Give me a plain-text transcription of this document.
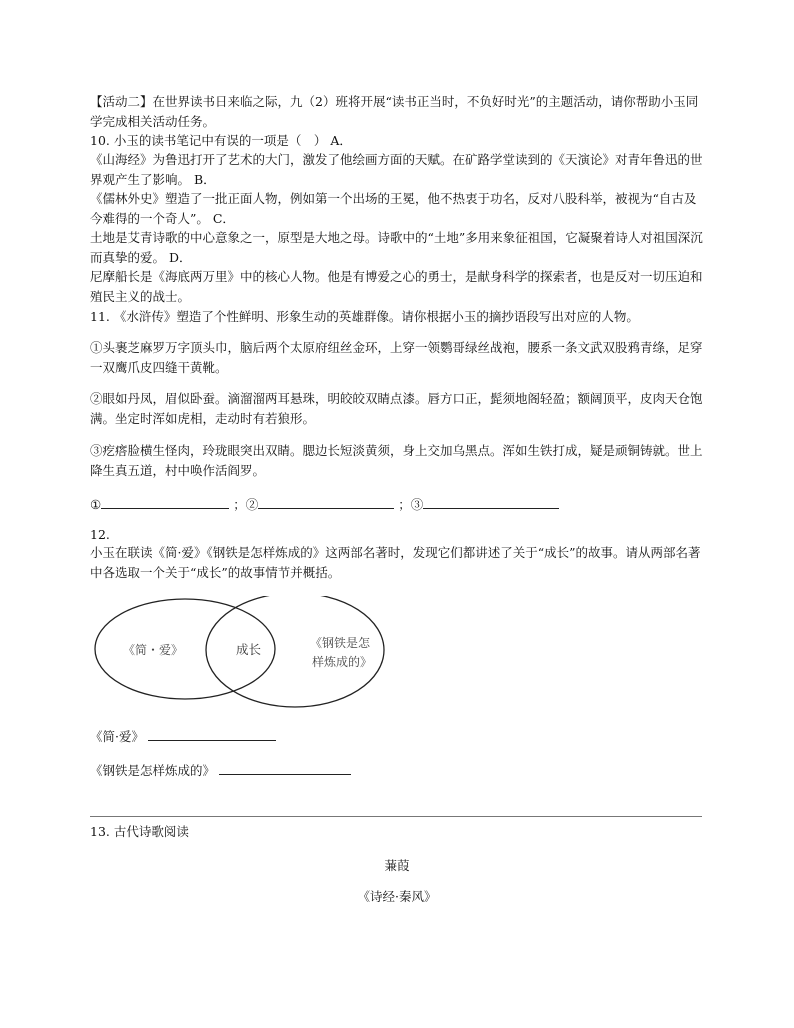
【活动二】在世界读书日来临之际，九（2）班将开展“读书正当时，不负好时光”的主题活动，请你帮助小玉同学完成相关活动任务。

10. 小玉的读书笔记中有误的一项是（　） A．

《山海经》为鲁迅打开了艺术的大门，激发了他绘画方面的天赋。在矿路学堂读到的《天演论》对青年鲁迅的世界观产生了影响。 B．

《儒林外史》塑造了一批正面人物，例如第一个出场的王冕，他不热衷于功名，反对八股科举，被视为“自古及今难得的一个奇人”。 C．

土地是艾青诗歌的中心意象之一，原型是大地之母。诗歌中的“土地”多用来象征祖国，它凝聚着诗人对祖国深沉而真挚的爱。 D．

尼摩船长是《海底两万里》中的核心人物。他是有博爱之心的勇士，是献身科学的探索者，也是反对一切压迫和殖民主义的战士。

11. 《水浒传》塑造了个性鲜明、形象生动的英雄群像。请你根据小玉的摘抄语段写出对应的人物。

①头裹芝麻罗万字顶头巾，脑后两个太原府纽丝金环，上穿一领鹦哥绿丝战袍，腰系一条文武双股鸦青绦，足穿一双鹰爪皮四缝干黄靴。

②眼如丹凤，眉似卧蚕。滴溜溜两耳悬珠，明皎皎双睛点漆。唇方口正，髭须地阁轻盈；额阔顶平，皮肉天仓饱满。坐定时浑如虎相，走动时有若狼形。

③疙瘩脸横生怪肉，玲珑眼突出双睛。腮边长短淡黄须，身上交加乌黑点。浑如生铁打成，疑是顽铜铸就。世上降生真五道，村中唤作活阎罗。

①	；②	；③

12.

小玉在联读《简·爱》《钢铁是怎样炼成的》这两部名著时，发现它们都讲述了关于“成长”的故事。请从两部名著中各选取一个关于“成长”的故事情节并概括。

《简・爱》	成长	《钢铁是怎
样炼成的》
《简·爱》
《钢铁是怎样炼成的》

13. 古代诗歌阅读

蒹葭
《诗经·秦风》
